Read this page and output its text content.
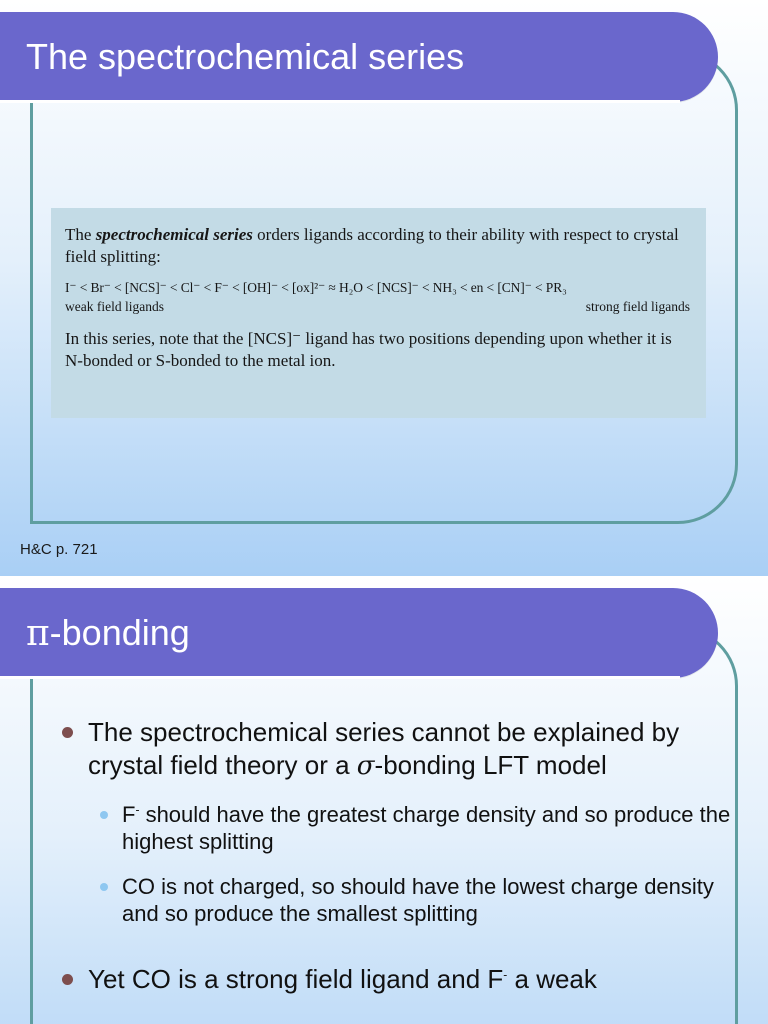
The spectrochemical series
The spectrochemical series orders ligands according to their ability with respect to crystal field splitting:
I⁻ < Br⁻ < [NCS]⁻ < Cl⁻ < F⁻ < [OH]⁻ < [ox]²⁻ ≈ H₂O < [NCS]⁻ < NH₃ < en < [CN]⁻ < PR₃
weak field ligands	strong field ligands
In this series, note that the [NCS]⁻ ligand has two positions depending upon whether it is N-bonded or S-bonded to the metal ion.
H&C p. 721
π-bonding
The spectrochemical series cannot be explained by crystal field theory or a σ-bonding LFT model
F- should have the greatest charge density and so produce the highest splitting
CO is not charged, so should have the lowest charge density and so produce the smallest splitting
Yet CO is a strong field ligand and F- a weak
